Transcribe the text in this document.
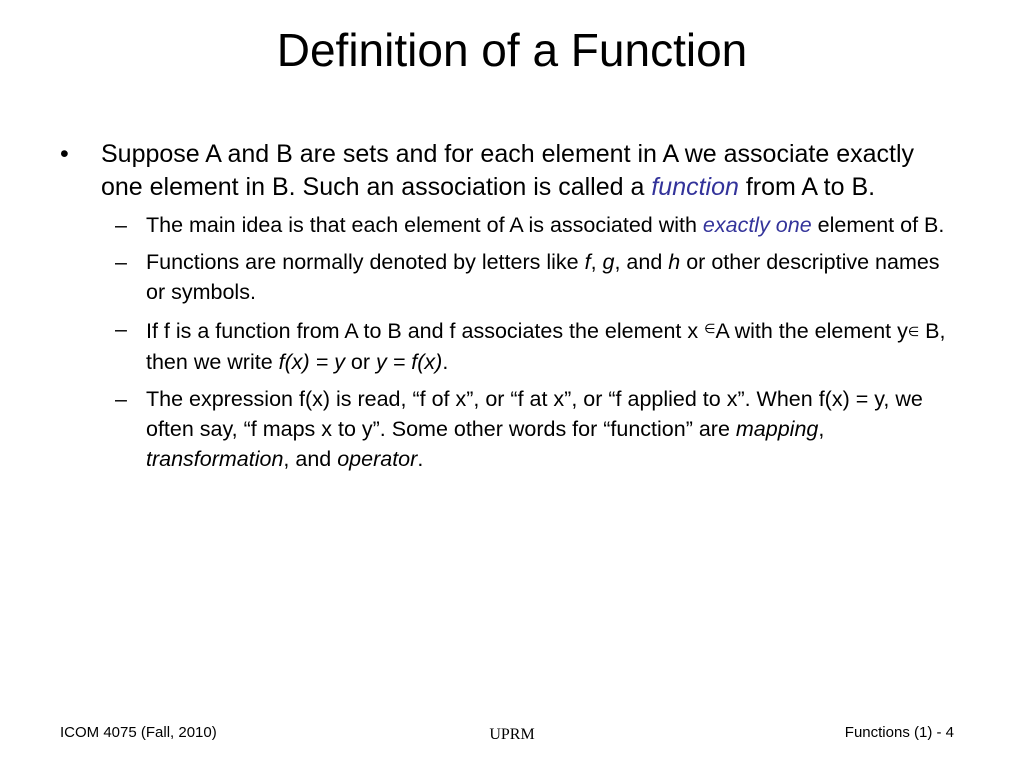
Definition of a Function
• Suppose A and B are sets and for each element in A we associate exactly one element in B. Such an association is called a function from A to B.
– The main idea is that each element of A is associated with exactly one element of B.
– Functions are normally denoted by letters like f, g, and h or other descriptive names or symbols.
– If f is a function from A to B and f associates the element x ∈A with the element y∈ B, then we write f(x) = y or y = f(x).
– The expression f(x) is read, “f of x”, or “f at x”, or “f applied to x”. When f(x) = y, we often say, “f maps x to y”. Some other words for “function” are mapping, transformation, and operator.
ICOM 4075 (Fall, 2010)	UPRM	Functions (1) - 4
